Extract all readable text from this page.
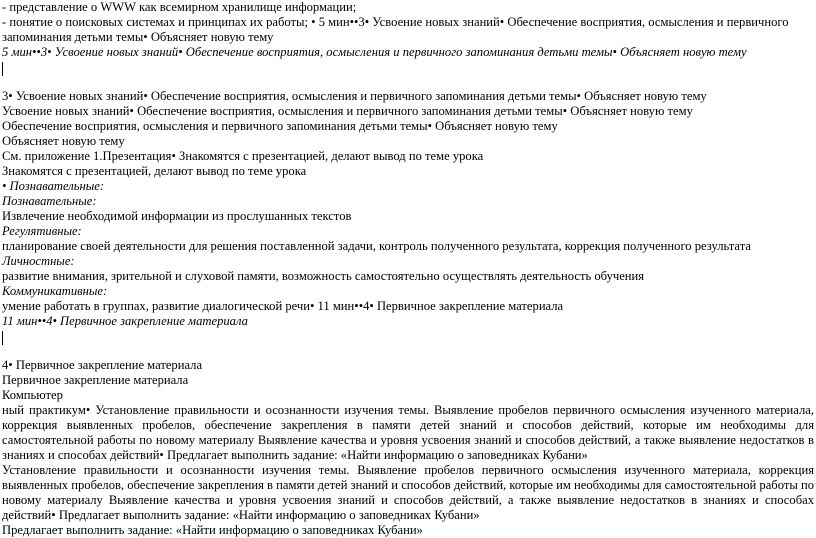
- представление о WWW как всемирном хранилище информации;
- понятие о поисковых системах и принципах их работы; • 5 мин••3• Усвоение новых знаний• Обеспечение восприятия, осмысления и первичного
запоминания детьми темы• Объясняет новую тему
5 мин••3• Усвоение новых знаний• Обеспечение восприятия, осмысления и первичного запоминания детьми темы• Объясняет новую тему
3• Усвоение новых знаний• Обеспечение восприятия, осмысления и первичного запоминания детьми темы• Объясняет новую тему
Усвоение новых знаний• Обеспечение восприятия, осмысления и первичного запоминания детьми темы• Объясняет новую тему
Обеспечение восприятия, осмысления и первичного запоминания детьми темы• Объясняет новую тему
Объясняет новую тему
См. приложение 1.Презентация• Знакомятся с презентацией, делают вывод по теме урока
Знакомятся с презентацией, делают вывод по теме урока
• Познавательные:
Познавательные:
Извлечение необходимой информации из прослушанных текстов
Регулятивные:
планирование своей деятельности для решения поставленной задачи, контроль полученного результата, коррекция полученного результата
Личностные:
развитие внимания, зрительной и слуховой памяти, возможность самостоятельно осуществлять деятельность обучения
Коммуникативные:
умение работать в группах, развитие диалогической речи• 11 мин••4• Первичное закрепление материала
11 мин••4• Первичное закрепление материала
4• Первичное закрепление материала
Первичное закрепление материала
Компьютер
ный практикум• Установление правильности и осознанности изучения темы. Выявление пробелов первичного осмысления изученного материала, коррекция выявленных пробелов, обеспечение закрепления в памяти детей знаний и способов действий, которые им необходимы для самостоятельной работы по новому материалу Выявление качества и уровня усвоения знаний и способов действий, а также выявление недостатков в знаниях и способах действий• Предлагает выполнить задание: «Найти информацию о заповедниках Кубани»
Установление правильности и осознанности изучения темы. Выявление пробелов первичного осмысления изученного материала, коррекция выявленных пробелов, обеспечение закрепления в памяти детей знаний и способов действий, которые им необходимы для самостоятельной работы по новому материалу Выявление качества и уровня усвоения знаний и способов действий, а также выявление недостатков в знаниях и способах действий• Предлагает выполнить задание: «Найти информацию о заповедниках Кубани»
Предлагает выполнить задание: «Найти информацию о заповедниках Кубани»
